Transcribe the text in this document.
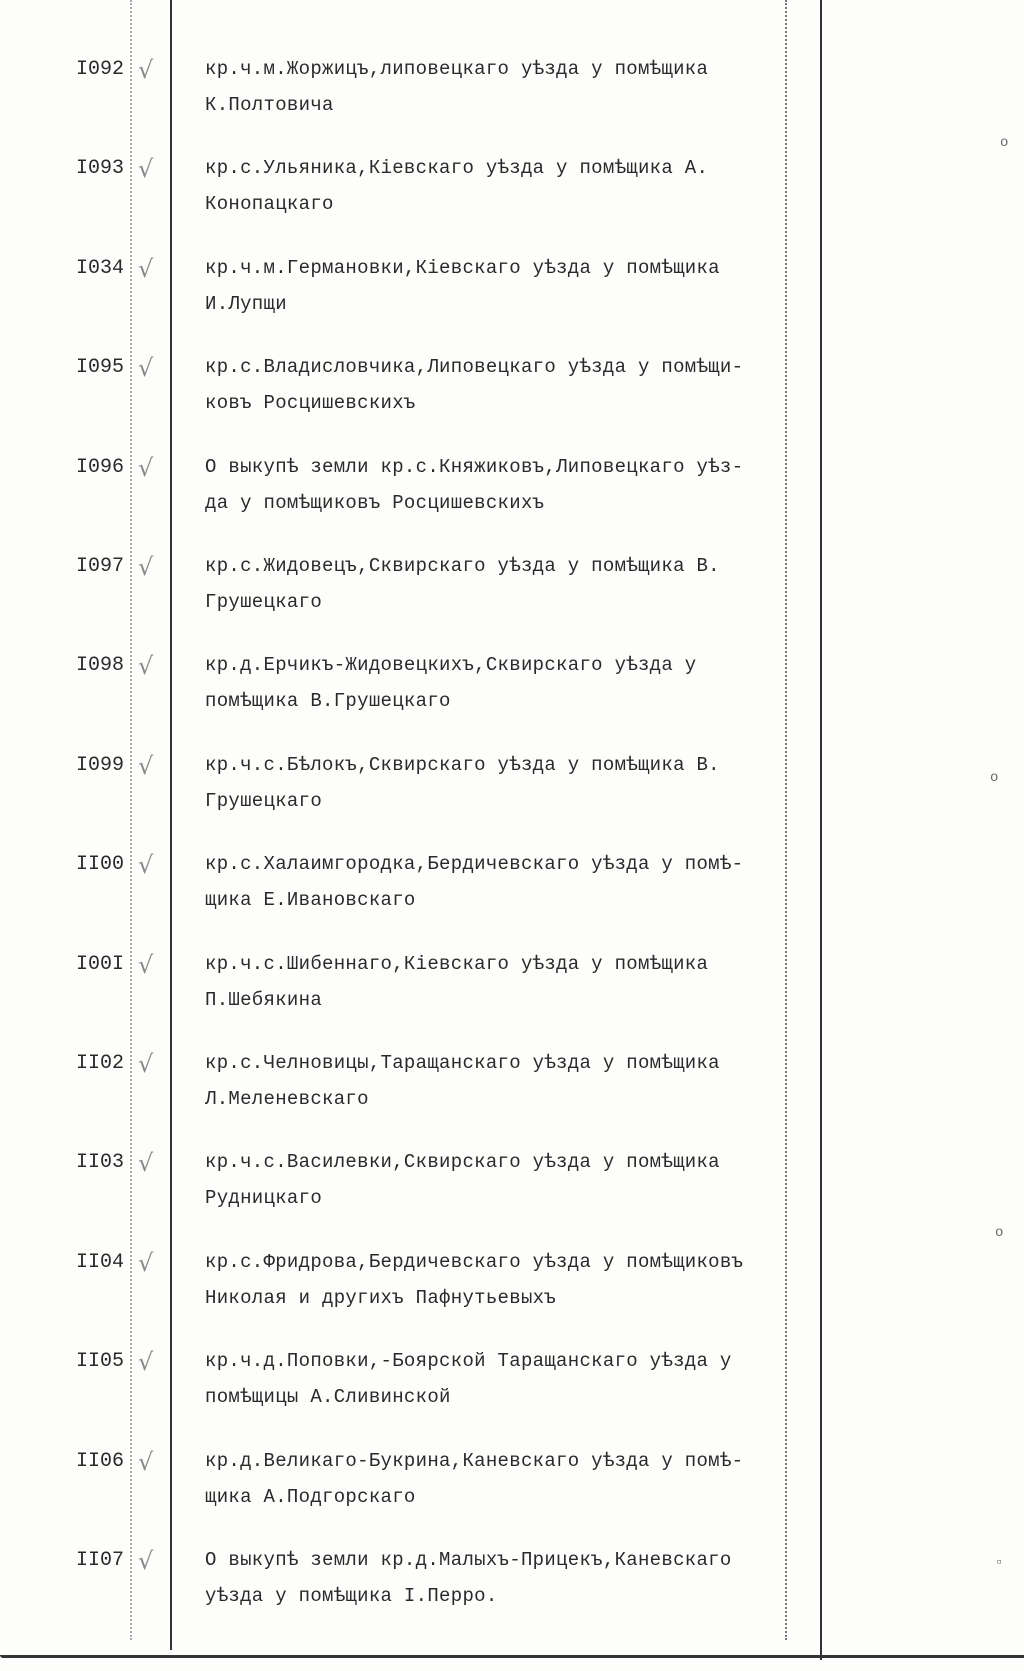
I092 √	кр.ч.м.Жоржицъ,липовецкаго уѣзда у помѣщика
К.Полтовича
I093 √	кр.с.Ульяника,Кіевскаго уѣзда у помѣщика А.
Конопацкаго
I034 √	кр.ч.м.Германовки,Кіевскаго уѣзда у помѣщика
И.Лупщи
I095 √	кр.с.Владисловчика,Липовецкаго уѣзда у помѣщи-
ковъ Росцишевскихъ
I096 √	О выкупѣ земли кр.с.Княжиковъ,Липовецкаго уѣз-
да у помѣщиковъ Росцишевскихъ
I097 √	кр.с.Жидовецъ,Сквирскаго уѣзда у помѣщика В.
Грушецкаго
I098 √	кр.д.Ерчикъ-Жидовецкихъ,Сквирскаго уѣзда у
помѣщика В.Грушецкаго
I099 √	кр.ч.с.Бѣлокъ,Сквирскаго уѣзда у помѣщика В.
Грушецкаго
II00 √	кр.с.Халаимгородка,Бердичевскаго уѣзда у помѣ-
щика Е.Ивановскаго
I00I √	кр.ч.с.Шибеннаго,Кіевскаго уѣзда у помѣщика
П.Шебякина
II02 √	кр.с.Челновицы,Таращанскаго уѣзда у помѣщика
Л.Меленевскаго
II03 √	кр.ч.с.Василевки,Сквирскаго уѣзда у помѣщика
Рудницкаго
II04 √	кр.с.Фридрова,Бердичевскаго уѣзда у помѣщиковъ
Николая и другихъ Пафнутьевыхъ
II05 √	кр.ч.д.Поповки,-Боярской Таращанскаго уѣзда у
помѣщицы А.Сливинской
II06 √	кр.д.Великаго-Букрина,Каневскаго уѣзда у помѣ-
щика А.Подгорскаго
II07 √	О выкупѣ земли кр.д.Малыхъ-Прицекъ,Каневскаго
уѣзда у помѣщика I.Перро.
o
o
o
▫
